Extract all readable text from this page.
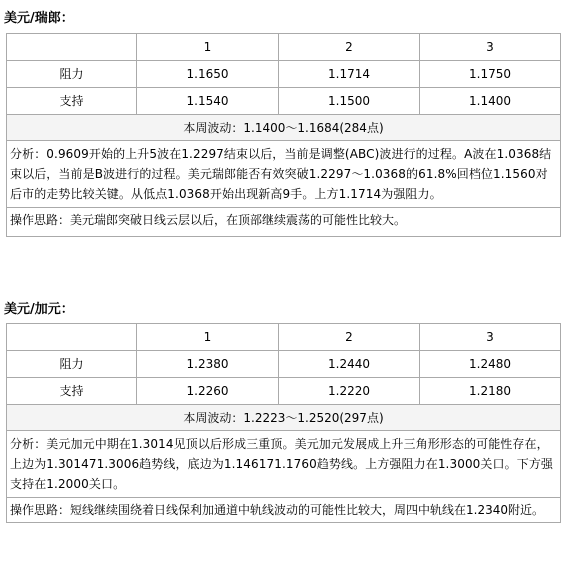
美元/瑞郎：
	1	2	3
阻力	1.1650	1.1714	1.1750
支持	1.1540	1.1500	1.1400
本周波动：1.1400～1.1684(284点)			
分析：0.9609开始的上升5波在1.2297结束以后，当前是调整(ABC)波进行的过程。A波在1.0368结束以后，当前是B波进行的过程。美元瑞郎能否有效突破1.2297～1.0368的61.8%回档位1.1560对后市的走势比较关键。从低点1.0368开始出现新高9手。上方1.1714为强阻力。			
操作思路：美元瑞郎突破日线云层以后，在顶部继续震荡的可能性比较大。			
美元/加元：
	1	2	3
阻力	1.2380	1.2440	1.2480
支持	1.2260	1.2220	1.2180
本周波动：1.2223～1.2520(297点)			
分析：美元加元中期在1.3014见顶以后形成三重顶。美元加元发展成上升三角形形态的可能性存在，上边为1.301471.3006趋势线，底边为1.146171.1760趋势线。上方强阻力在1.3000关口。下方强支持在1.2000关口。			
操作思路：短线继续围绕着日线保利加通道中轨线波动的可能性比较大，周四中轨线在1.2340附近。			
